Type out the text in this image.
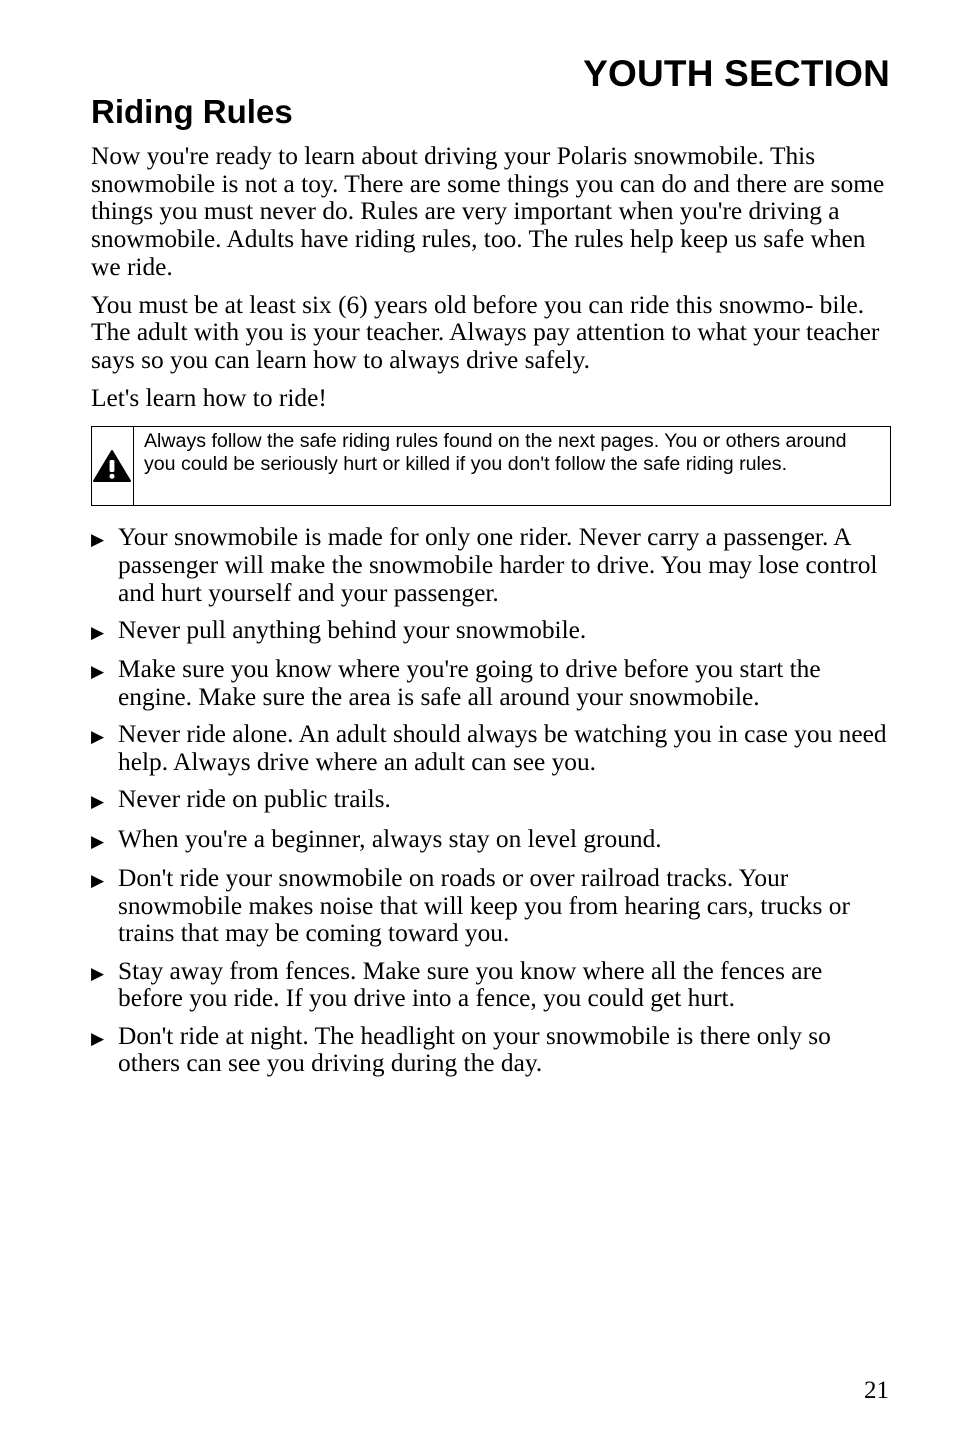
YOUTH SECTION
Riding Rules

Now you're ready to learn about driving your Polaris snowmobile. This snowmobile is not a toy. There are some things you can do and there are some things you must never do. Rules are very important when you're driving a snowmobile. Adults have riding rules, too. The rules help keep us safe when we ride.

You must be at least six (6) years old before you can ride this snowmo- bile. The adult with you is your teacher. Always pay attention to what your teacher says so you can learn how to always drive safely.

Let's learn how to ride!

Always follow the safe riding rules found on the next pages. You or others around you could be seriously hurt or killed if you don't follow the safe riding rules.
▶ Your snowmobile is made for only one rider. Never carry a passenger. A passenger will make the snowmobile harder to drive. You may lose control and hurt yourself and your passenger.
▶ Never pull anything behind your snowmobile.
▶ Make sure you know where you're going to drive before you start the engine. Make sure the area is safe all around your snowmobile.
▶ Never ride alone. An adult should always be watching you in case you need help. Always drive where an adult can see you.
▶ Never ride on public trails.
▶ When you're a beginner, always stay on level ground.
▶ Don't ride your snowmobile on roads or over railroad tracks. Your snowmobile makes noise that will keep you from hearing cars, trucks or trains that may be coming toward you.
▶ Stay away from fences. Make sure you know where all the fences are before you ride. If you drive into a fence, you could get hurt.
▶ Don't ride at night. The headlight on your snowmobile is there only so others can see you driving during the day.
21
